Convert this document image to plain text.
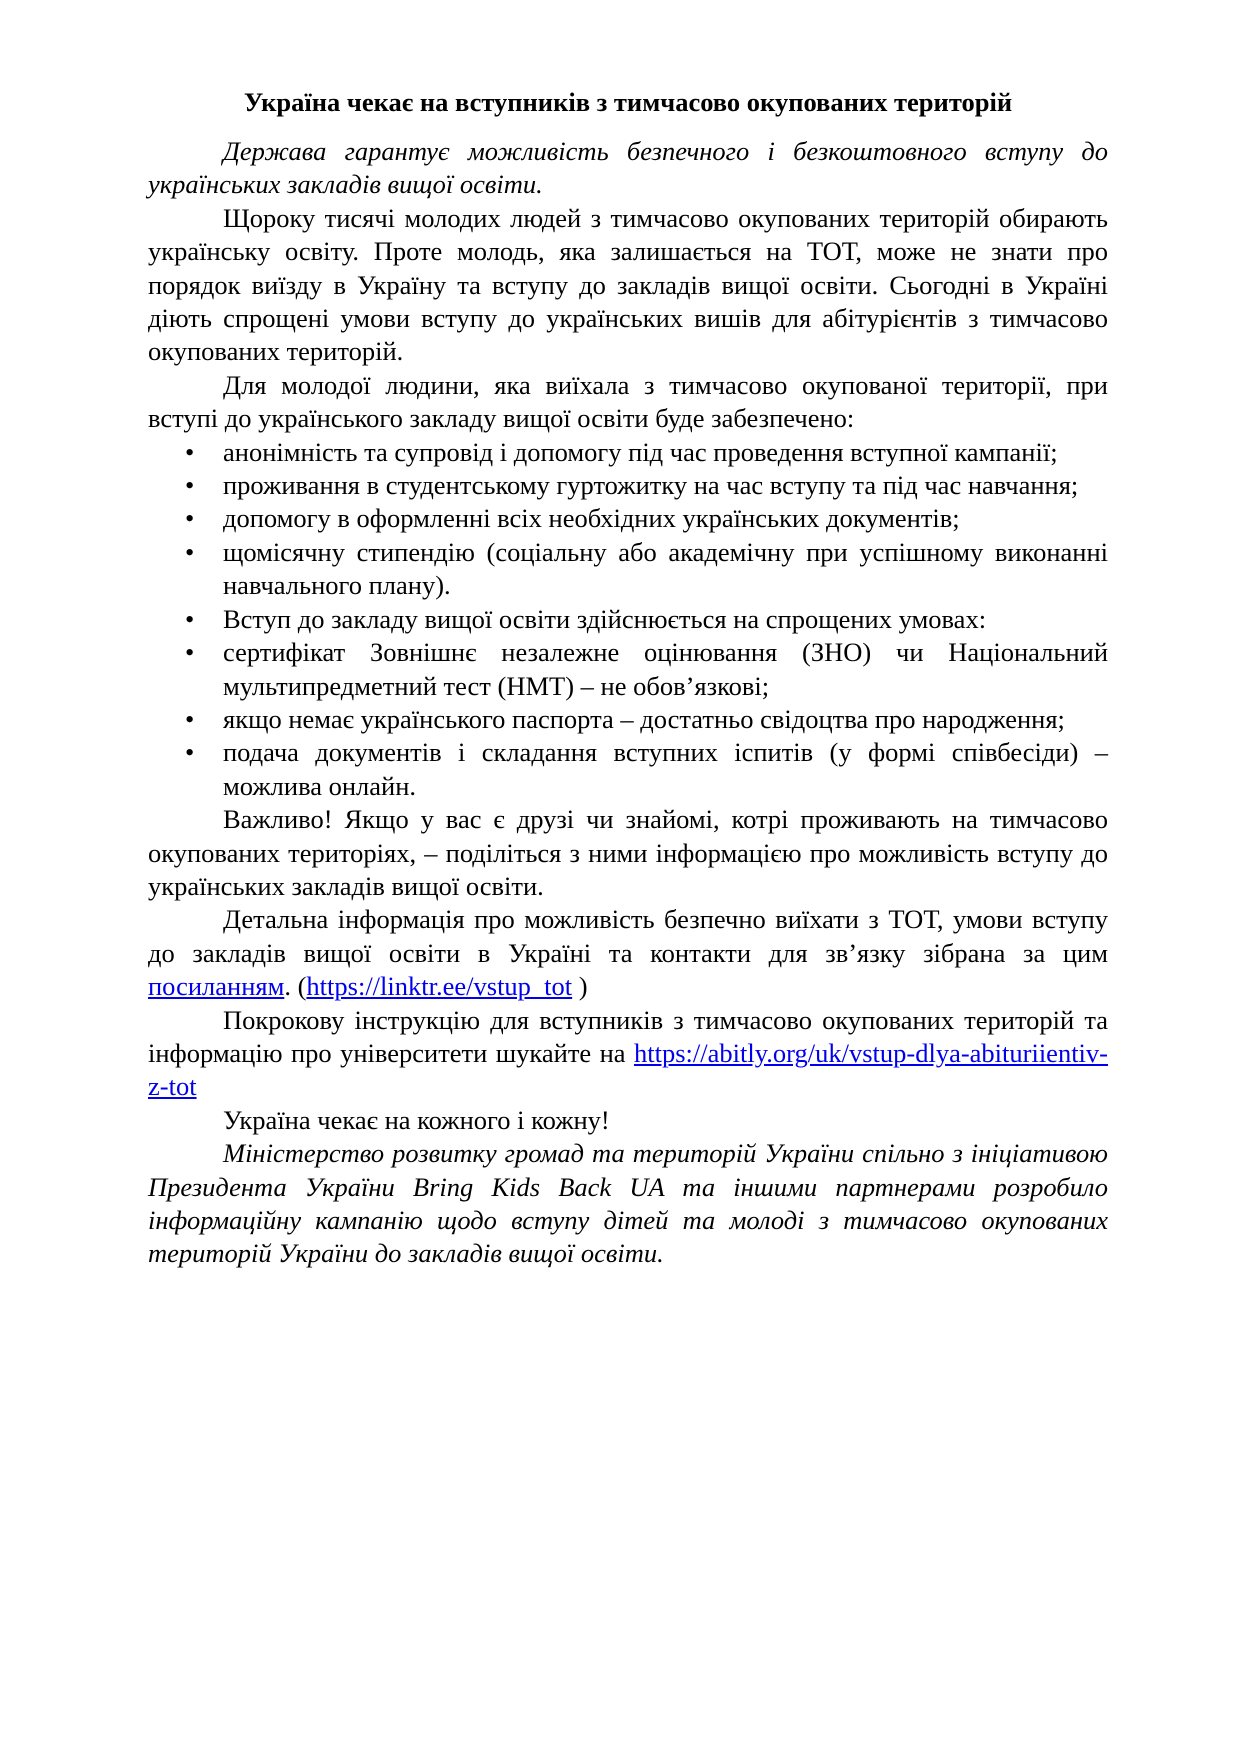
Україна чекає на вступників з тимчасово окупованих територій

Держава гарантує можливість безпечного і безкоштовного вступу до українських закладів вищої освіти.

Щороку тисячі молодих людей з тимчасово окупованих територій обирають українську освіту. Проте молодь, яка залишається на ТОТ, може не знати про порядок виїзду в Україну та вступу до закладів вищої освіти. Сьогодні в Україні діють спрощені умови вступу до українських вишів для абітурієнтів з тимчасово окупованих територій.

Для молодої людини, яка виїхала з тимчасово окупованої території, при вступі до українського закладу вищої освіти буде забезпечено:

• анонімність та супровід і допомогу під час проведення вступної кампанії;
• проживання в студентському гуртожитку на час вступу та під час навчання;
• допомогу в оформленні всіх необхідних українських документів;
• щомісячну стипендію (соціальну або академічну при успішному виконанні навчального плану).
• Вступ до закладу вищої освіти здійснюється на спрощених умовах:
• сертифікат Зовнішнє незалежне оцінювання (ЗНО) чи Національний мультипредметний тест (НМТ) – не обов’язкові;
• якщо немає українського паспорта – достатньо свідоцтва про народження;
• подача документів і складання вступних іспитів (у формі співбесіди) – можлива онлайн.

Важливо! Якщо у вас є друзі чи знайомі, котрі проживають на тимчасово окупованих територіях, – поділіться з ними інформацією про можливість вступу до українських закладів вищої освіти.

Детальна інформація про можливість безпечно виїхати з ТОТ, умови вступу до закладів вищої освіти в Україні та контакти для зв’язку зібрана за цим посиланням. (https://linktr.ee/vstup_tot )

Покрокову інструкцію для вступників з тимчасово окупованих територій та інформацію про університети шукайте на https://abitly.org/uk/vstup-dlya-abituriientiv-z-tot

Україна чекає на кожного і кожну!

Міністерство розвитку громад та територій України спільно з ініціативою Президента України Bring Kids Back UA та іншими партнерами розробило інформаційну кампанію щодо вступу дітей та молоді з тимчасово окупованих територій України до закладів вищої освіти.
